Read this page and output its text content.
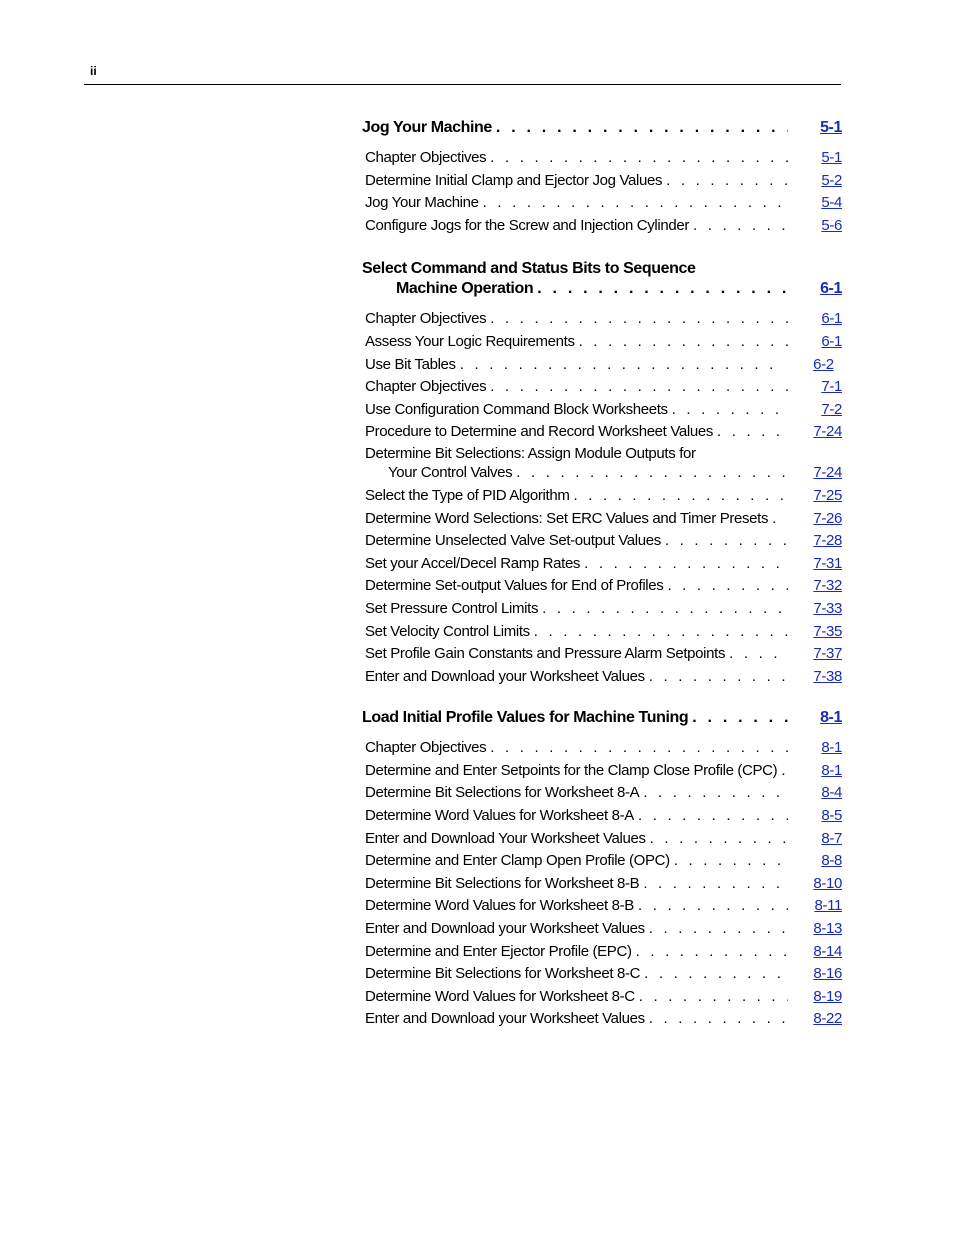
ii
Jog Your Machine . . .	5-1
Chapter Objectives . . .	5-1
Determine Initial Clamp and Ejector Jog Values . . .	5-2
Jog Your Machine . . .	5-4
Configure Jogs for the Screw and Injection Cylinder . . .	5-6
Select Command and Status Bits to Sequence
Machine Operation . . .	6-1
Chapter Objectives . . .	6-1
Assess Your Logic Requirements . . .	6-1
Use Bit Tables . . .	6-2
Chapter Objectives . . .	7-1
Use Configuration Command Block Worksheets . . .	7-2
Procedure to Determine and Record Worksheet Values . . .	7-24
Determine Bit Selections: Assign Module Outputs for
Your Control Valves . . .	7-24
Select the Type of PID Algorithm . . .	7-25
Determine Word Selections: Set ERC Values and Timer Presets . . .	7-26
Determine Unselected Valve Set-output Values . . .	7-28
Set your Accel/Decel Ramp Rates . . .	7-31
Determine Set-output Values for End of Profiles . . .	7-32
Set Pressure Control Limits . . .	7-33
Set Velocity Control Limits . . .	7-35
Set Profile Gain Constants and Pressure Alarm Setpoints . . .	7-37
Enter and Download your Worksheet Values . . .	7-38
Load Initial Profile Values for Machine Tuning . . .	8-1
Chapter Objectives . . .	8-1
Determine and Enter Setpoints for the Clamp Close Profile (CPC) . . .	8-1
Determine Bit Selections for Worksheet 8-A . . .	8-4
Determine Word Values for Worksheet 8-A . . .	8-5
Enter and Download Your Worksheet Values . . .	8-7
Determine and Enter Clamp Open Profile (OPC) . . .	8-8
Determine Bit Selections for Worksheet 8-B . . .	8-10
Determine Word Values for Worksheet 8-B . . .	8-11
Enter and Download your Worksheet Values . . .	8-13
Determine and Enter Ejector Profile (EPC) . . .	8-14
Determine Bit Selections for Worksheet 8-C . . .	8-16
Determine Word Values for Worksheet 8-C . . .	8-19
Enter and Download your Worksheet Values . . .	8-22
